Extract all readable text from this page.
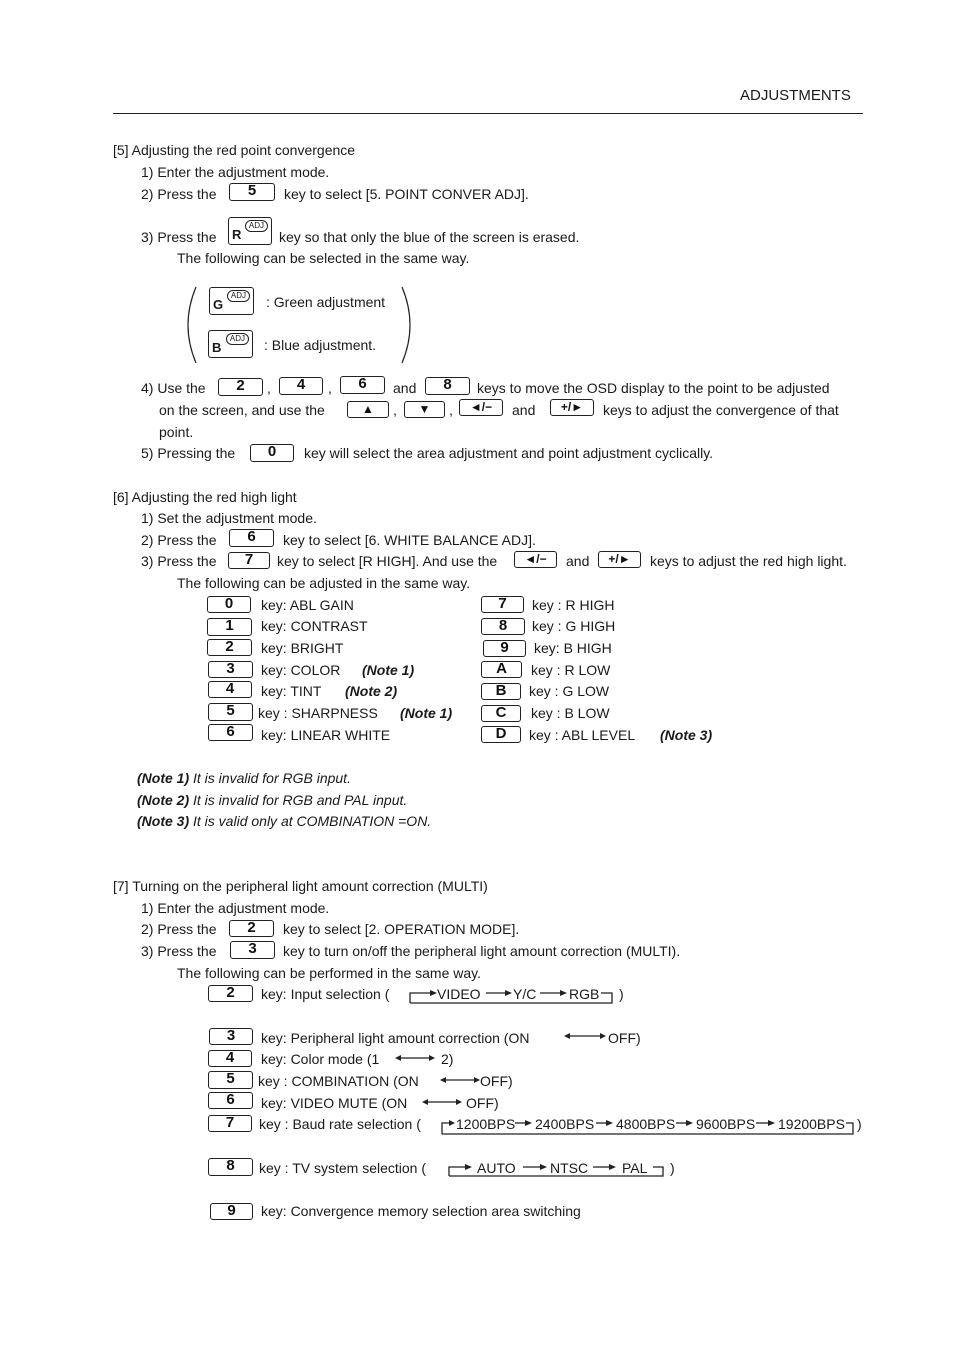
ADJUSTMENTS
[5] Adjusting the red point convergence
1) Enter the adjustment mode.
2) Press the	5	key to select [5. POINT CONVER ADJ].
3) Press the R
ADJ
key so that only the blue of the screen is erased.
The following can be selected in the same way.
G
ADJ : Green adjustment
B
ADJ : Blue adjustment.
4) Use the	2	,	4	,	6	and	8	keys to move the OSD display to the point to be adjusted
on the screen, and use the	▲	,	▼	,	◄/−	and	+/►	keys to adjust the convergence of that
point.
5) Pressing the	0	key will select the area adjustment and point adjustment cyclically.
[6] Adjusting the red high light
1) Set the adjustment mode.
2) Press the	6	key to select [6. WHITE BALANCE ADJ].
3) Press the	7	key to select [R HIGH]. And use the	◄/−	and	+/►	keys to adjust the red high light.
The following can be adjusted in the same way.
0	key: ABL GAIN
1	key: CONTRAST
2	key: BRIGHT
3	key: COLOR (Note 1)
4	key: TINT (Note 2)
5	key : SHARPNESS (Note 1)
6	key: LINEAR WHITE
7	key : R HIGH
8	key : G HIGH
9	key: B HIGH
A	key : R LOW
B	key : G LOW
C	key : B LOW
D	key : ABL LEVEL (Note 3)
(Note 1) It is invalid for RGB input.
(Note 2) It is invalid for RGB and PAL input.
(Note 3) It is valid only at COMBINATION =ON.
[7] Turning on the peripheral light amount correction (MULTI)
1) Enter the adjustment mode.
2) Press the	2	key to select [2. OPERATION MODE].
3) Press the	3	key to turn on/off the peripheral light amount correction (MULTI).
The following can be performed in the same way.
2	key: Input selection (	VIDEO Y/C RGB )
3	key: Peripheral light amount correction (ON	OFF)
4	key: Color mode (1	2)
5	key : COMBINATION (ON	OFF)
6	key: VIDEO MUTE (ON	OFF)
7	key : Baud rate selection (	1200BPS 2400BPS 4800BPS 9600BPS 19200BPS )
8	key : TV system selection (	AUTO NTSC PAL )
9	key: Convergence memory selection area switching
